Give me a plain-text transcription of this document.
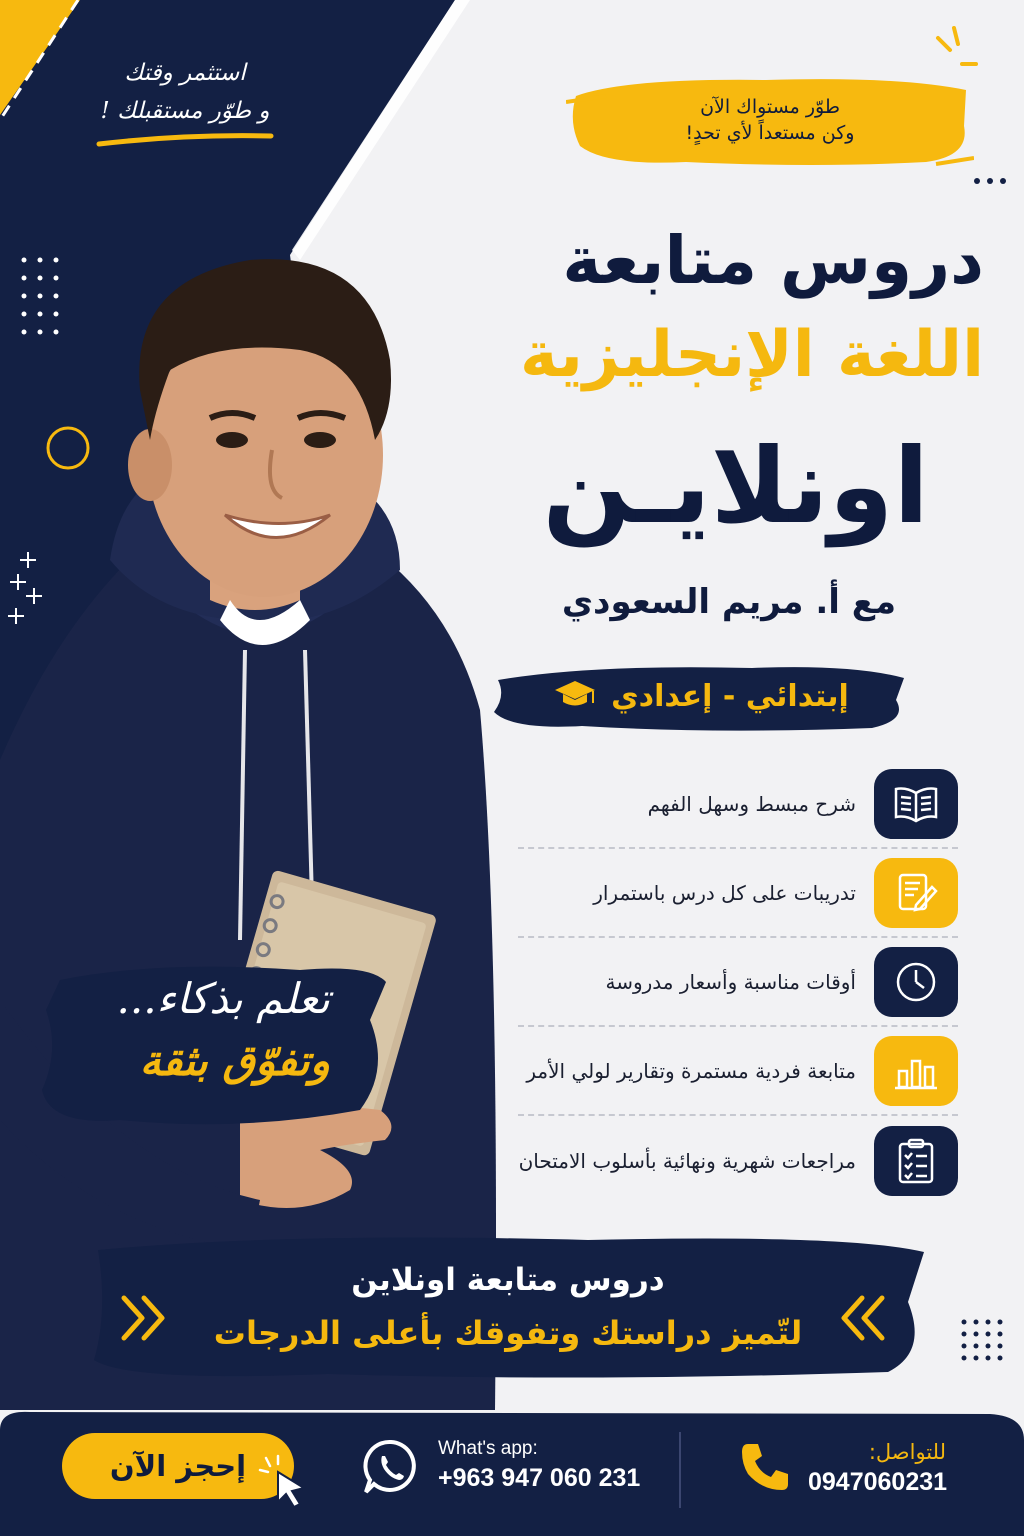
استثمر وقتك
و طوّر مستقبلك !	طوّر مستواك الآن
وكن مستعداً لأي تحدٍ!
دروس متابعة
اللغة الإنجليزية
اونلايـن
مع أ. مريم السعودي
إبتدائي - إعدادي
شرح مبسط وسهل الفهم
تدريبات على كل درس باستمرار
أوقات مناسبة وأسعار مدروسة
متابعة فردية مستمرة وتقارير لولي الأمر
مراجعات شهرية ونهائية بأسلوب الامتحان
تعلم بذكاء...
وتفوّق بثقة
دروس متابعة اونلاين
لتّميز دراستك وتفوقك بأعلى الدرجات
إحجز الآن
What's app:
+963 947 060 231
للتواصل:
0947060231
